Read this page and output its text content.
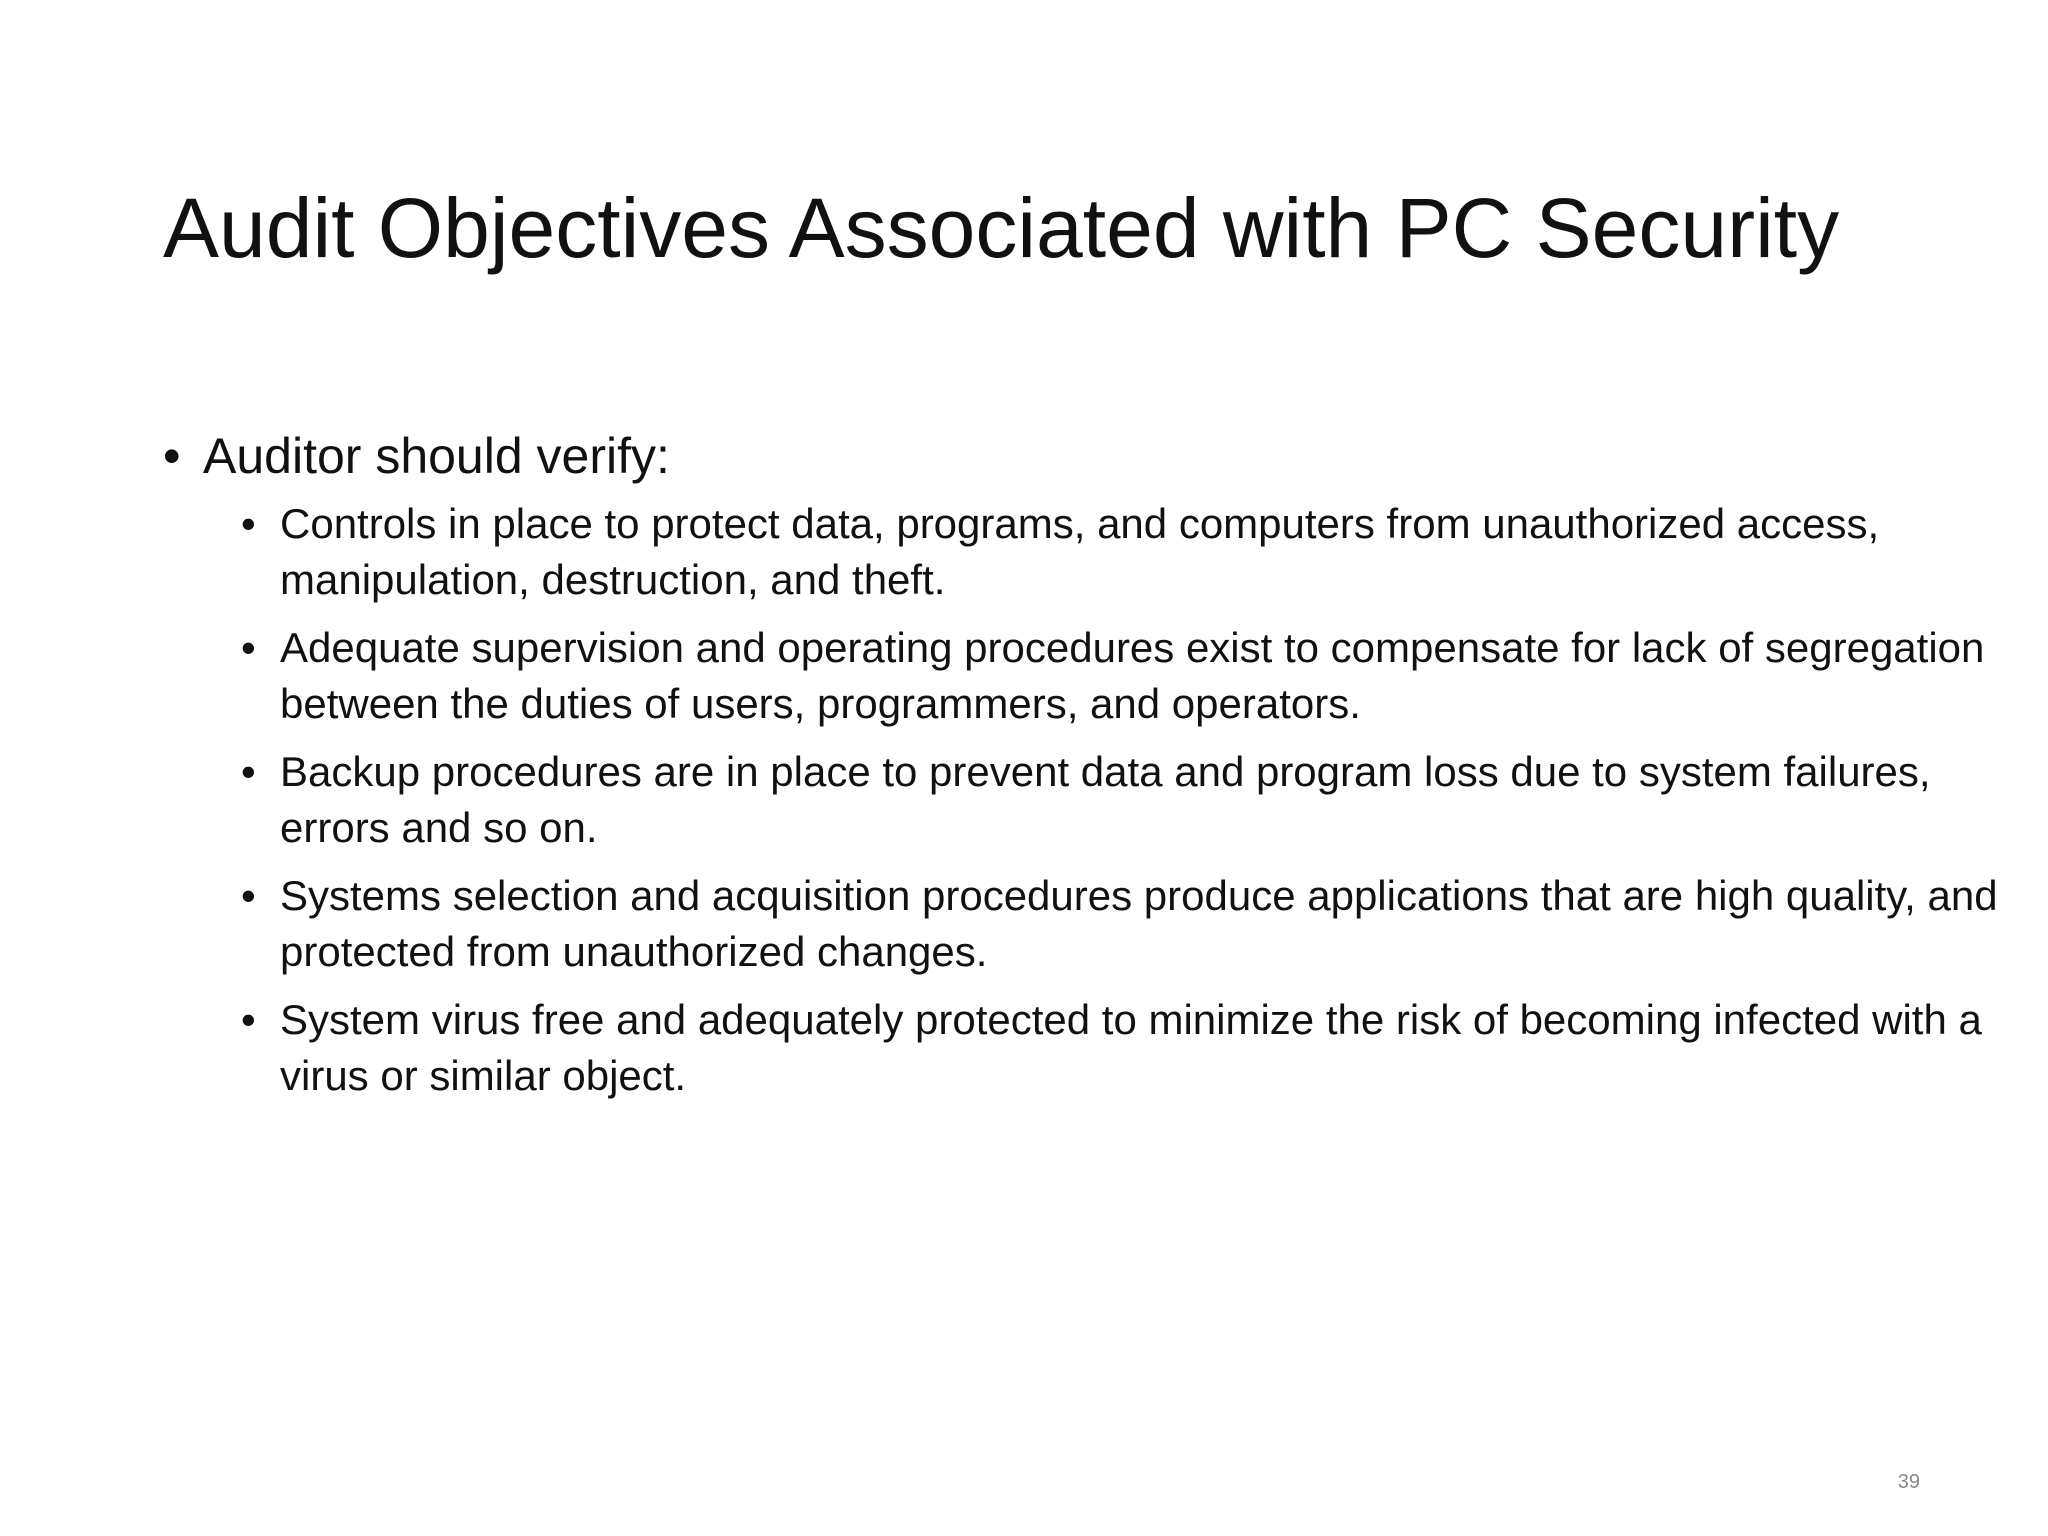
Audit Objectives Associated with PC Security
• Auditor should verify:
• Controls in place to protect data, programs, and computers from unauthorized access, manipulation, destruction, and theft.
• Adequate supervision and operating procedures exist to compensate for lack of segregation between the duties of users, programmers, and operators.
• Backup procedures are in place to prevent data and program loss due to system failures, errors and so on.
• Systems selection and acquisition procedures produce applications that are high quality, and protected from unauthorized changes.
• System virus free and adequately protected to minimize the risk of becoming infected with a virus or similar object.
39
